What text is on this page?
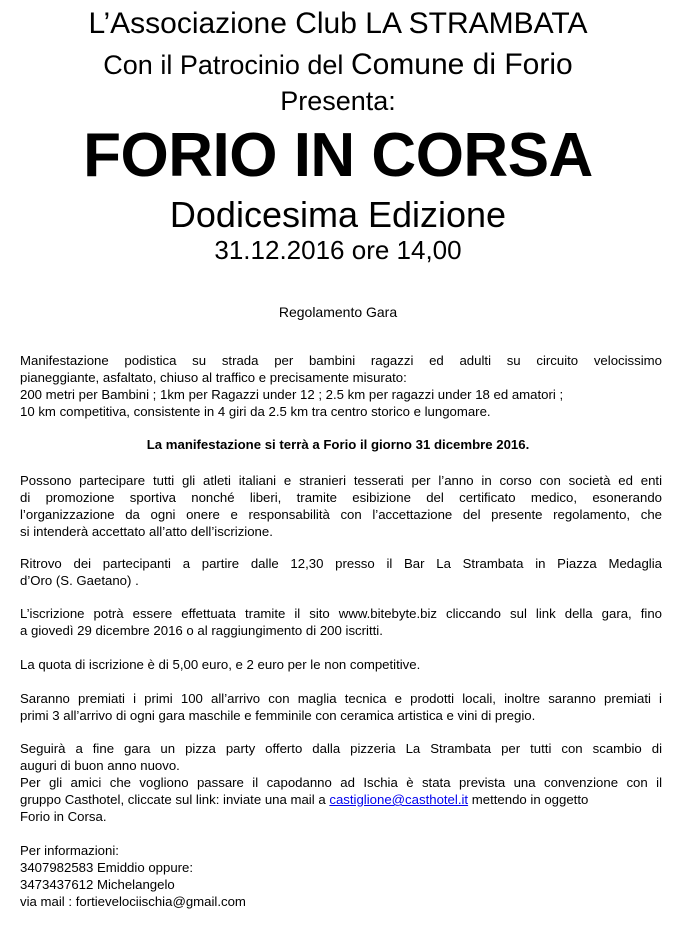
L’Associazione Club LA STRAMBATA
Con il Patrocinio del Comune di Forio
Presenta:
FORIO IN CORSA
Dodicesima Edizione
31.12.2016 ore 14,00
Regolamento Gara
Manifestazione podistica su strada per bambini ragazzi ed adulti su circuito velocissimo
pianeggiante, asfaltato, chiuso al traffico e precisamente misurato:
200 metri per Bambini ; 1km per Ragazzi under 12 ; 2.5 km per ragazzi under 18 ed amatori ;
10 km competitiva, consistente in 4 giri da 2.5 km tra centro storico e lungomare.
La manifestazione si terrà a Forio il giorno 31 dicembre 2016.
Possono partecipare tutti gli atleti italiani e stranieri tesserati per l’anno in corso con società ed enti
di promozione sportiva nonché liberi, tramite esibizione del certificato medico, esonerando
l’organizzazione da ogni onere e responsabilità con l’accettazione del presente regolamento, che
si intenderà accettato all’atto dell’iscrizione.
Ritrovo dei partecipanti a partire dalle 12,30 presso il Bar La Strambata in Piazza Medaglia
d’Oro (S. Gaetano) .
L’iscrizione potrà essere effettuata tramite il sito www.bitebyte.biz cliccando sul link della gara, fino
a giovedì 29 dicembre 2016 o al raggiungimento di 200 iscritti.
La quota di iscrizione è di 5,00 euro, e 2 euro per le non competitive.
Saranno premiati i primi 100 all’arrivo con maglia tecnica e prodotti locali, inoltre saranno premiati i
primi 3 all’arrivo di ogni gara maschile e femminile con ceramica artistica e vini di pregio.
Seguirà a fine gara un pizza party offerto dalla pizzeria La Strambata per tutti con scambio di
auguri di buon anno nuovo.
Per gli amici che vogliono passare il capodanno ad Ischia è stata prevista una convenzione con il
gruppo Casthotel, cliccate sul link: inviate una mail a castiglione@casthotel.it mettendo in oggetto
Forio in Corsa.
Per informazioni:
3407982583 Emiddio oppure:
3473437612 Michelangelo
via mail : fortievelociischia@gmail.com
